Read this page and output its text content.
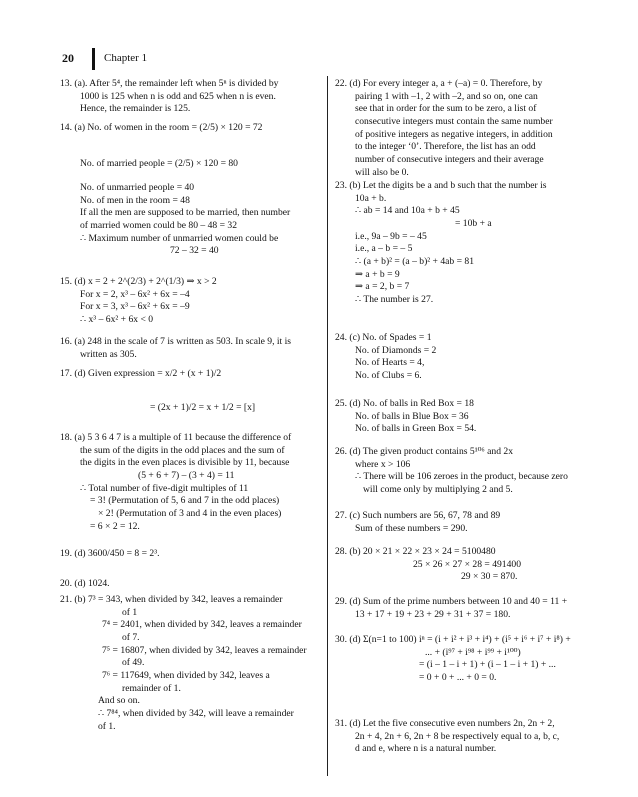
20	Chapter 1
13. (a). After 5⁴, the remainder left when 5ⁿ is divided by
1000 is 125 when n is odd and 625 when n is even.
Hence, the remainder is 125.
14. (a) No. of women in the room = (2/5) × 120 = 72
No. of married people = (2/5) × 120 = 80
No. of unmarried people = 40
No. of men in the room = 48
If all the men are supposed to be married, then number
of married women could be 80 – 48 = 32
∴ Maximum number of unmarried women could be
72 – 32 = 40
15. (d) x = 2 + 2^(2/3) + 2^(1/3) ⇒ x > 2
For x = 2, x³ – 6x² + 6x = –4
For x = 3, x³ – 6x² + 6x = –9
∴ x³ – 6x² + 6x < 0
16. (a) 248 in the scale of 7 is written as 503. In scale 9, it is
written as 305.
17. (d) Given expression = x/2 + (x + 1)/2
= (2x + 1)/2 = x + 1/2 = [x]
18. (a) 5 3 6 4 7 is a multiple of 11 because the difference of
the sum of the digits in the odd places and the sum of
the digits in the even places is divisible by 11, because
(5 + 6 + 7) – (3 + 4) = 11
∴ Total number of five-digit multiples of 11
= 3! (Permutation of 5, 6 and 7 in the odd places)
× 2! (Permutation of 3 and 4 in the even places)
= 6 × 2 = 12.
19. (d) 3600/450 = 8 = 2³.
20. (d) 1024.
21. (b) 7³ = 343, when divided by 342, leaves a remainder
of 1
7⁴ = 2401, when divided by 342, leaves a remainder
of 7.
7⁵ = 16807, when divided by 342, leaves a remainder
of 49.
7⁶ = 117649, when divided by 342, leaves a
remainder of 1.
And so on.
∴ 7⁸⁴, when divided by 342, will leave a remainder
of 1.
22. (d) For every integer a, a + (–a) = 0. Therefore, by
pairing 1 with –1, 2 with –2, and so on, one can
see that in order for the sum to be zero, a list of
consecutive integers must contain the same number
of positive integers as negative integers, in addition
to the integer ‘0’. Therefore, the list has an odd
number of consecutive integers and their average
will also be 0.
23. (b) Let the digits be a and b such that the number is
10a + b.
∴ ab = 14 and 10a + b + 45
= 10b + a
i.e., 9a – 9b = – 45
i.e., a – b = – 5
∴ (a + b)² = (a – b)² + 4ab = 81
⇒ a + b = 9
⇒ a = 2, b = 7
∴ The number is 27.
24. (c) No. of Spades = 1
No. of Diamonds = 2
No. of Hearts = 4,
No. of Clubs = 6.
25. (d) No. of balls in Red Box = 18
No. of balls in Blue Box = 36
No. of balls in Green Box = 54.
26. (d) The given product contains 5¹⁰⁶ and 2x
where x > 106
∴ There will be 106 zeroes in the product, because zero
will come only by multiplying 2 and 5.
27. (c) Such numbers are 56, 67, 78 and 89
Sum of these numbers = 290.
28. (b) 20 × 21 × 22 × 23 × 24 = 5100480
25 × 26 × 27 × 28 = 491400
29 × 30 = 870.
29. (d) Sum of the prime numbers between 10 and 40 = 11 +
13 + 17 + 19 + 23 + 29 + 31 + 37 = 180.
30. (d) Σ(n=1 to 100) iⁿ = (i + i² + i³ + i⁴) + (i⁵ + i⁶ + i⁷ + i⁸) +
... + (i⁹⁷ + i⁹⁸ + i⁹⁹ + i¹⁰⁰)
= (i – 1 – i + 1) + (i – 1 – i + 1) + ...
= 0 + 0 + ... + 0 = 0.
31. (d) Let the five consecutive even numbers 2n, 2n + 2,
2n + 4, 2n + 6, 2n + 8 be respectively equal to a, b, c,
d and e, where n is a natural number.
